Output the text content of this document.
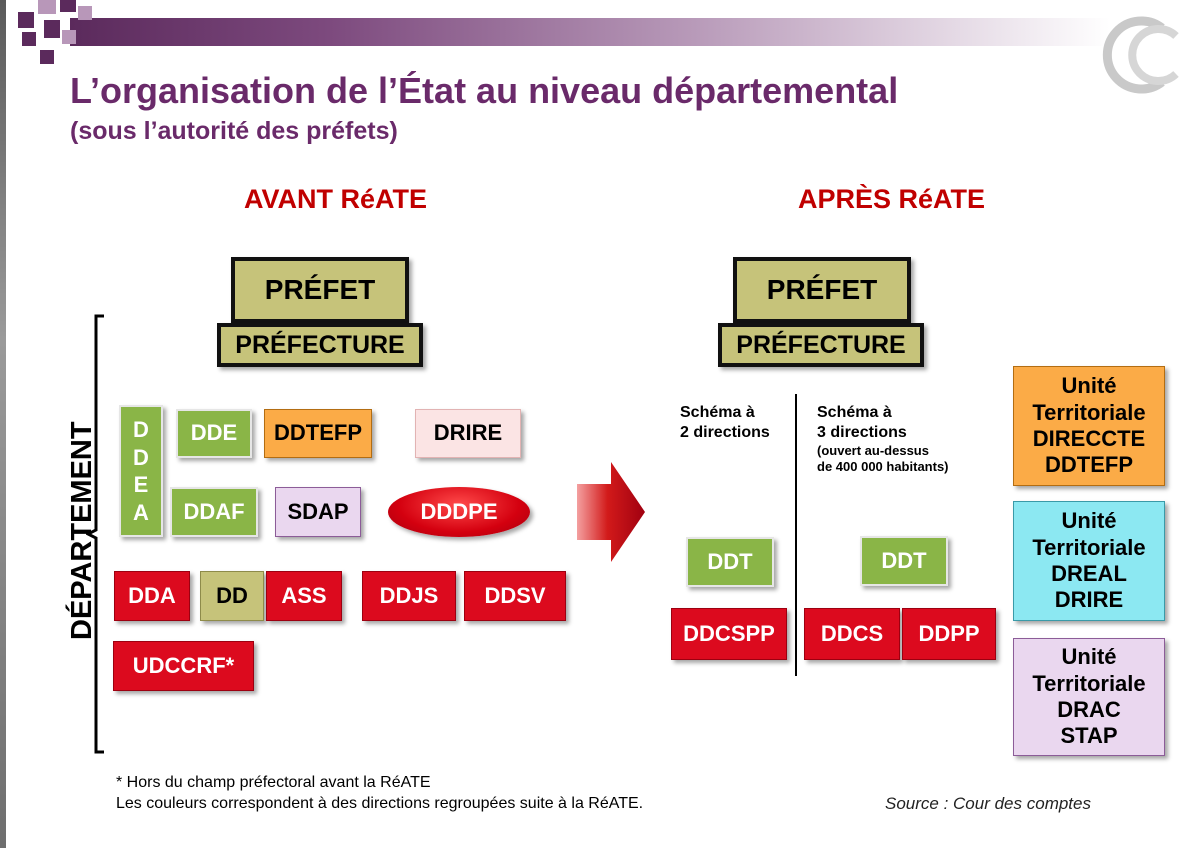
L’organisation de l’État au niveau départemental
(sous l’autorité des préfets)
AVANT RéATE
PRÉFET
PRÉFECTURE
DÉPARTEMENT D
D
E
A
DDE	DDTEFP	DRIRE
DDAF	SDAP	DDDPE
DDA	DD	ASS	DDJS	DDSV
UDCCRF*
APRÈS RéATE
PRÉFET
PRÉFECTURE
Schéma à
2 directions
Schéma à
3 directions
(ouvert au-dessus
de 400 000 habitants)
DDT
DDCSPP
DDT
DDCS	DDPP
Unité
Territoriale
DIRECCTE
DDTEFP
Unité
Territoriale
DREAL
DRIRE
Unité
Territoriale
DRAC
STAP
* Hors du champ préfectoral avant la RéATE
Les couleurs correspondent à des directions regroupées suite à la RéATE.	Source : Cour des comptes
